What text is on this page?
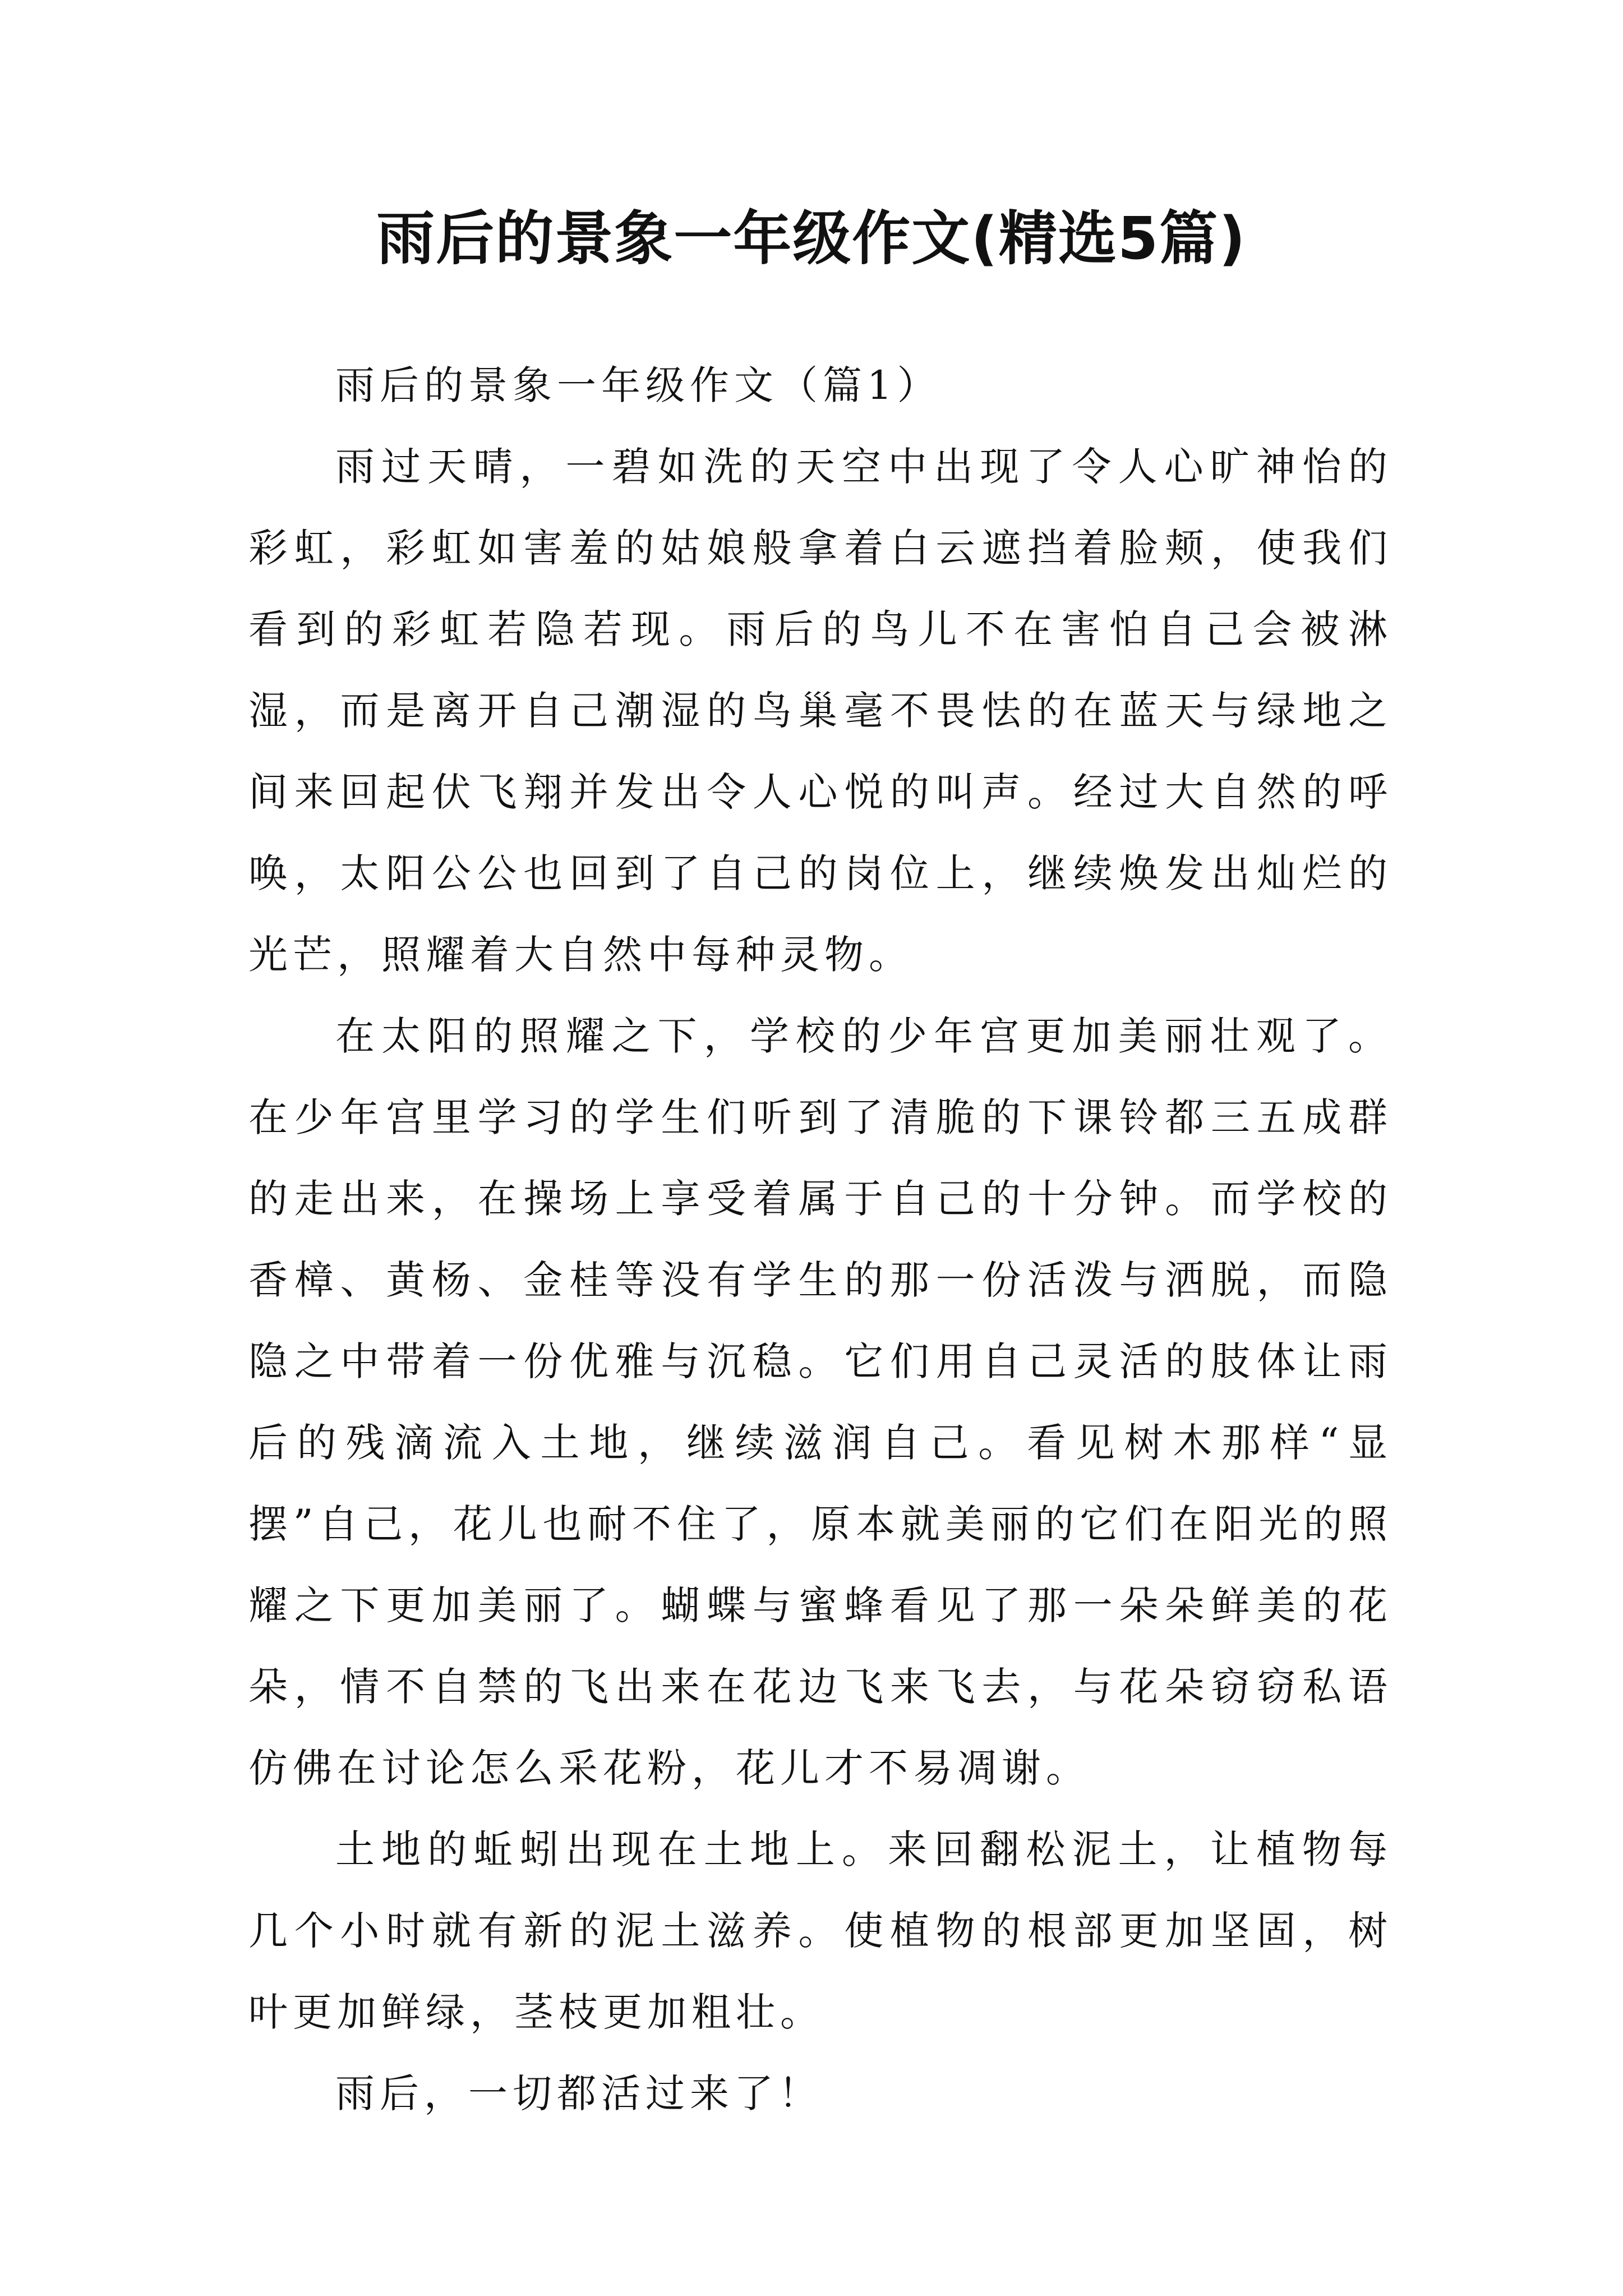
雨后的景象一年级作文(精选5篇)

雨后的景象一年级作文（篇1）

雨过天晴，一碧如洗的天空中出现了令人心旷神怡的彩虹，彩虹如害羞的姑娘般拿着白云遮挡着脸颊，使我们看到的彩虹若隐若现。雨后的鸟儿不在害怕自己会被淋湿，而是离开自己潮湿的鸟巢毫不畏怯的在蓝天与绿地之间来回起伏飞翔并发出令人心悦的叫声。经过大自然的呼唤，太阳公公也回到了自己的岗位上，继续焕发出灿烂的光芒，照耀着大自然中每种灵物。

在太阳的照耀之下，学校的少年宫更加美丽壮观了。在少年宫里学习的学生们听到了清脆的下课铃都三五成群的走出来，在操场上享受着属于自己的十分钟。而学校的香樟、黄杨、金桂等没有学生的那一份活泼与洒脱，而隐隐之中带着一份优雅与沉稳。它们用自己灵活的肢体让雨后的残滴流入土地，继续滋润自己。看见树木那样“显摆”自己，花儿也耐不住了，原本就美丽的它们在阳光的照耀之下更加美丽了。蝴蝶与蜜蜂看见了那一朵朵鲜美的花朵，情不自禁的飞出来在花边飞来飞去，与花朵窃窃私语仿佛在讨论怎么采花粉，花儿才不易凋谢。

土地的蚯蚓出现在土地上。来回翻松泥土，让植物每几个小时就有新的泥土滋养。使植物的根部更加坚固，树叶更加鲜绿，茎枝更加粗壮。

雨后，一切都活过来了！
